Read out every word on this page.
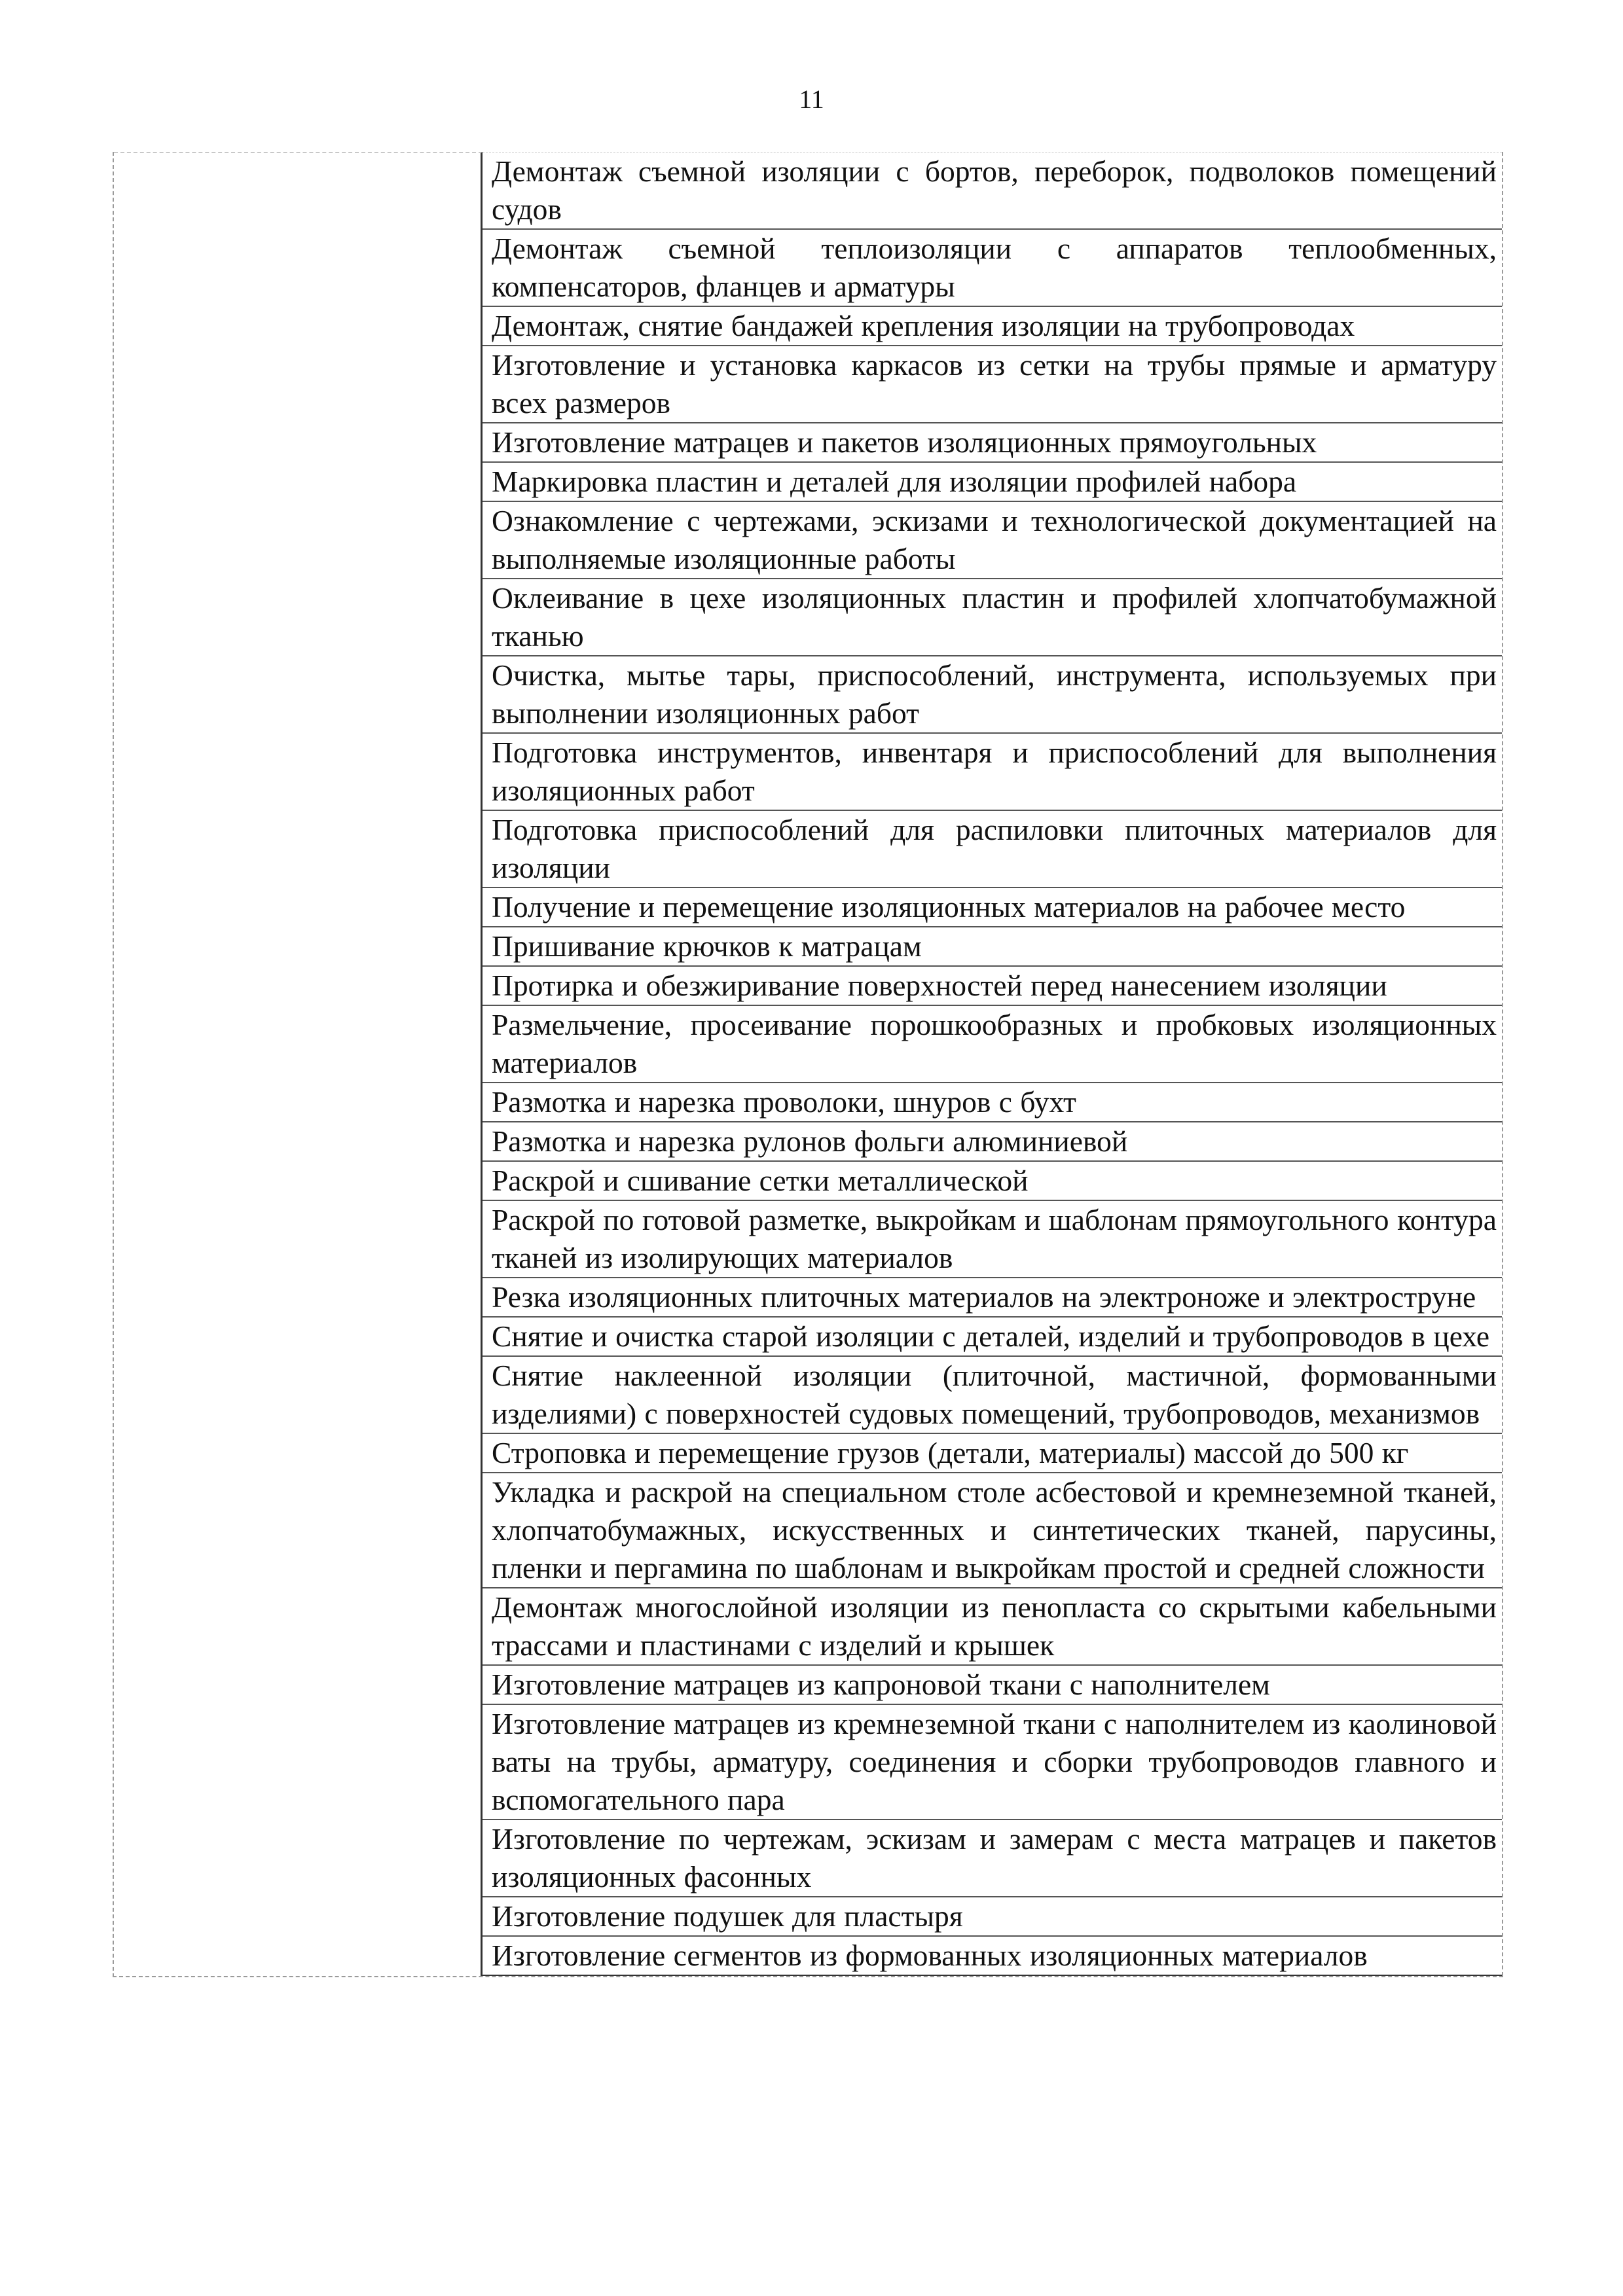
11
Демонтаж съемной изоляции с бортов, переборок, подволоков помещений судов
Демонтаж съемной теплоизоляции с аппаратов теплообменных, компенсаторов, фланцев и арматуры
Демонтаж, снятие бандажей крепления изоляции на трубопроводах
Изготовление и установка каркасов из сетки на трубы прямые и арматуру всех размеров
Изготовление матрацев и пакетов изоляционных прямоугольных
Маркировка пластин и деталей для изоляции профилей набора
Ознакомление с чертежами, эскизами и технологической документацией на выполняемые изоляционные работы
Оклеивание в цехе изоляционных пластин и профилей хлопчатобумажной тканью
Очистка, мытье тары, приспособлений, инструмента, используемых при выполнении изоляционных работ
Подготовка инструментов, инвентаря и приспособлений для выполнения изоляционных работ
Подготовка приспособлений для распиловки плиточных материалов для изоляции
Получение и перемещение изоляционных материалов на рабочее место
Пришивание крючков к матрацам
Протирка и обезжиривание поверхностей перед нанесением изоляции
Размельчение, просеивание порошкообразных и пробковых изоляционных материалов
Размотка и нарезка проволоки, шнуров с бухт
Размотка и нарезка рулонов фольги алюминиевой
Раскрой и сшивание сетки металлической
Раскрой по готовой разметке, выкройкам и шаблонам прямоугольного контура тканей из изолирующих материалов
Резка изоляционных плиточных материалов на электроноже и электроструне
Снятие и очистка старой изоляции с деталей, изделий и трубопроводов в цехе
Снятие наклеенной изоляции (плиточной, мастичной, формованными изделиями) с поверхностей судовых помещений, трубопроводов, механизмов
Строповка и перемещение грузов (детали, материалы) массой до 500 кг
Укладка и раскрой на специальном столе асбестовой и кремнеземной тканей, хлопчатобумажных, искусственных и синтетических тканей, парусины, пленки и пергамина по шаблонам и выкройкам простой и средней сложности
Демонтаж многослойной изоляции из пенопласта со скрытыми кабельными трассами и пластинами с изделий и крышек
Изготовление матрацев из капроновой ткани с наполнителем
Изготовление матрацев из кремнеземной ткани с наполнителем из каолиновой ваты на трубы, арматуру, соединения и сборки трубопроводов главного и вспомогательного пара
Изготовление по чертежам, эскизам и замерам с места матрацев и пакетов изоляционных фасонных
Изготовление подушек для пластыря
Изготовление сегментов из формованных изоляционных материалов
